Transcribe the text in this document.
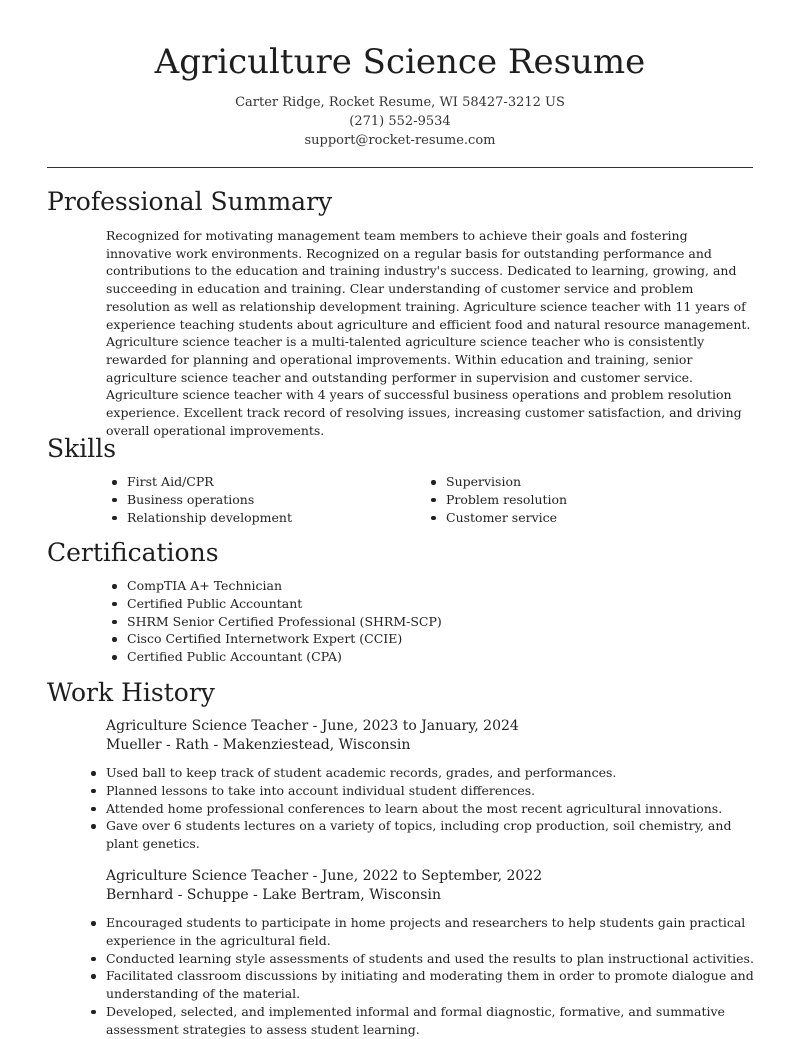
Agriculture Science Resume
Carter Ridge, Rocket Resume, WI 58427-3212 US
(271) 552-9534
support@rocket-resume.com
Professional Summary

Recognized for motivating management team members to achieve their goals and fostering innovative work environments. Recognized on a regular basis for outstanding performance and contributions to the education and training industry's success. Dedicated to learning, growing, and succeeding in education and training. Clear understanding of customer service and problem resolution as well as relationship development training. Agriculture science teacher with 11 years of experience teaching students about agriculture and efficient food and natural resource management. Agriculture science teacher is a multi-talented agriculture science teacher who is consistently rewarded for planning and operational improvements. Within education and training, senior agriculture science teacher and outstanding performer in supervision and customer service. Agriculture science teacher with 4 years of successful business operations and problem resolution experience. Excellent track record of resolving issues, increasing customer satisfaction, and driving overall operational improvements.

Skills
First Aid/CPR
Business operations
Relationship development
Supervision
Problem resolution
Customer service
Certifications
CompTIA A+ Technician
Certified Public Accountant
SHRM Senior Certified Professional (SHRM-SCP)
Cisco Certified Internetwork Expert (CCIE)
Certified Public Accountant (CPA)
Work History
Agriculture Science Teacher - June, 2023 to January, 2024
Mueller - Rath - Makenziestead, Wisconsin
Used ball to keep track of student academic records, grades, and performances.
Planned lessons to take into account individual student differences.
Attended home professional conferences to learn about the most recent agricultural innovations.
Gave over 6 students lectures on a variety of topics, including crop production, soil chemistry, and plant genetics.
Agriculture Science Teacher - June, 2022 to September, 2022
Bernhard - Schuppe - Lake Bertram, Wisconsin
Encouraged students to participate in home projects and researchers to help students gain practical experience in the agricultural field.
Conducted learning style assessments of students and used the results to plan instructional activities.
Facilitated classroom discussions by initiating and moderating them in order to promote dialogue and understanding of the material.
Developed, selected, and implemented informal and formal diagnostic, formative, and summative assessment strategies to assess student learning.
